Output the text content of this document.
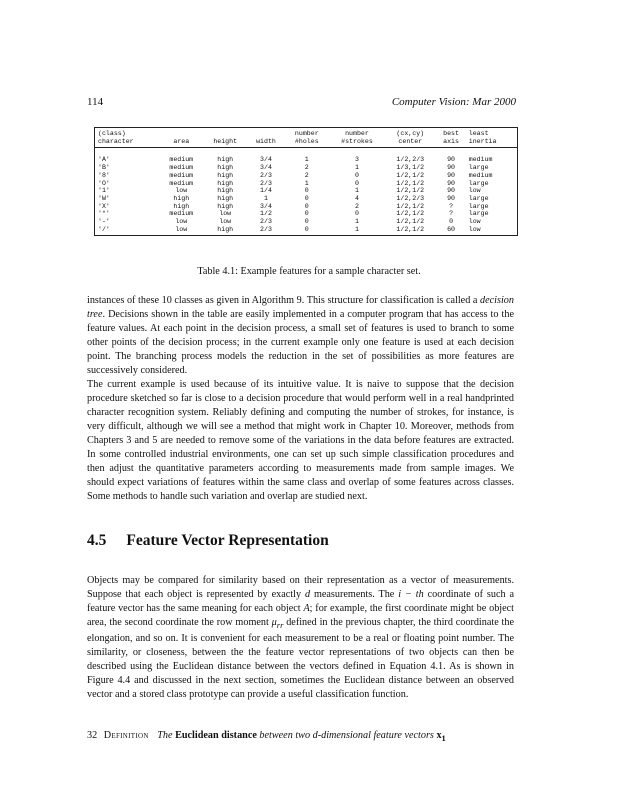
114	Computer Vision: Mar 2000
(class)				number	number	(cx,cy)	best	least
character	area	height	width	#holes	#strokes	center	axis	inertia

'A'	medium	high	3/4	1	3	1/2,2/3	90	medium
'B'	medium	high	3/4	2	1	1/3,1/2	90	large
'8'	medium	high	2/3	2	0	1/2,1/2	90	medium
'O'	medium	high	2/3	1	0	1/2,1/2	90	large
'1'	low	high	1/4	0	1	1/2,1/2	90	low
'W'	high	high	1	0	4	1/2,2/3	90	large
'X'	high	high	3/4	0	2	1/2,1/2	?	large
'*'	medium	low	1/2	0	0	1/2,1/2	?	large
'-'	low	low	2/3	0	1	1/2,1/2	0	low
'/'	low	high	2/3	0	1	1/2,1/2	60	low
Table 4.1: Example features for a sample character set.

instances of these 10 classes as given in Algorithm 9. This structure for classification is called a decision tree. Decisions shown in the table are easily implemented in a computer program that has access to the feature values. At each point in the decision process, a small set of features is used to branch to some other points of the decision process; in the current example only one feature is used at each decision point. The branching process models the reduction in the set of possibilities as more features are successively considered.

The current example is used because of its intuitive value. It is naive to suppose that the decision procedure sketched so far is close to a decision procedure that would perform well in a real handprinted character recognition system. Reliably defining and computing the number of strokes, for instance, is very difficult, although we will see a method that might work in Chapter 10. Moreover, methods from Chapters 3 and 5 are needed to remove some of the variations in the data before features are extracted. In some controlled industrial environments, one can set up such simple classification procedures and then adjust the quantitative parameters according to measurements made from sample images. We should expect variations of features within the same class and overlap of some features across classes. Some methods to handle such variation and overlap are studied next.

4.5 Feature Vector Representation

Objects may be compared for similarity based on their representation as a vector of measurements. Suppose that each object is represented by exactly d measurements. The i − th coordinate of such a feature vector has the same meaning for each object A; for example, the first coordinate might be object area, the second coordinate the row moment $\mu_{rr}$ defined in the previous chapter, the third coordinate the elongation, and so on. It is convenient for each measurement to be a real or floating point number. The similarity, or closeness, between the the feature vector representations of two objects can then be described using the Euclidean distance between the vectors defined in Equation 4.1. As is shown in Figure 4.4 and discussed in the next section, sometimes the Euclidean distance between an observed vector and a stored class prototype can provide a useful classification function.

32 Definition The Euclidean distance between two d-dimensional feature vectors $x_1$
